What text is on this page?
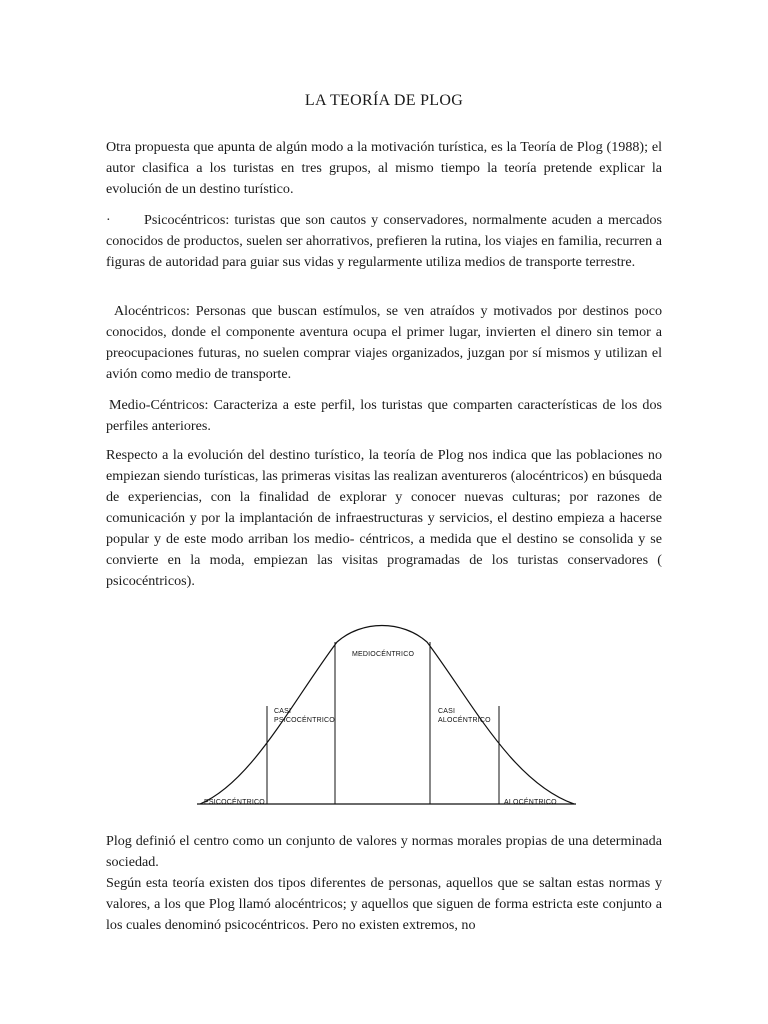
LA TEORÍA DE PLOG

Otra propuesta que apunta de algún modo a la motivación turística, es la Teoría de Plog (1988); el autor clasifica a los turistas en tres grupos, al mismo tiempo la teoría pretende explicar la evolución de un destino turístico.

· Psicocéntricos: turistas que son cautos y conservadores, normalmente acuden a mercados conocidos de productos, suelen ser ahorrativos, prefieren la rutina, los viajes en familia, recurren a figuras de autoridad para guiar sus vidas y regularmente utiliza medios de transporte terrestre.

Alocéntricos: Personas que buscan estímulos, se ven atraídos y motivados por destinos poco conocidos, donde el componente aventura ocupa el primer lugar, invierten el dinero sin temor a preocupaciones futuras, no suelen comprar viajes organizados, juzgan por sí mismos y utilizan el avión como medio de transporte.

Medio-Céntricos: Caracteriza a este perfil, los turistas que comparten características de los dos perfiles anteriores.

Respecto a la evolución del destino turístico, la teoría de Plog nos indica que las poblaciones no empiezan siendo turísticas, las primeras visitas las realizan aventureros (alocéntricos) en búsqueda de experiencias, con la finalidad de explorar y conocer nuevas culturas; por razones de comunicación y por la implantación de infraestructuras y servicios, el destino empieza a hacerse popular y de este modo arriban los medio- céntricos, a medida que el destino se consolida y se convierte en la moda, empiezan las visitas programadas de los turistas conservadores ( psicocéntricos).

PSICOCÉNTRICO
CASI
PSICOCÉNTRICO
MEDIOCÉNTRICO
CASI
ALOCÉNTRICO
ALOCÉNTRICO

Plog definió el centro como un conjunto de valores y normas morales propias de una determinada sociedad.

Según esta teoría existen dos tipos diferentes de personas, aquellos que se saltan estas normas y valores, a los que Plog llamó alocéntricos; y aquellos que siguen de forma estricta este conjunto a los cuales denominó psicocéntricos. Pero no existen extremos, no
